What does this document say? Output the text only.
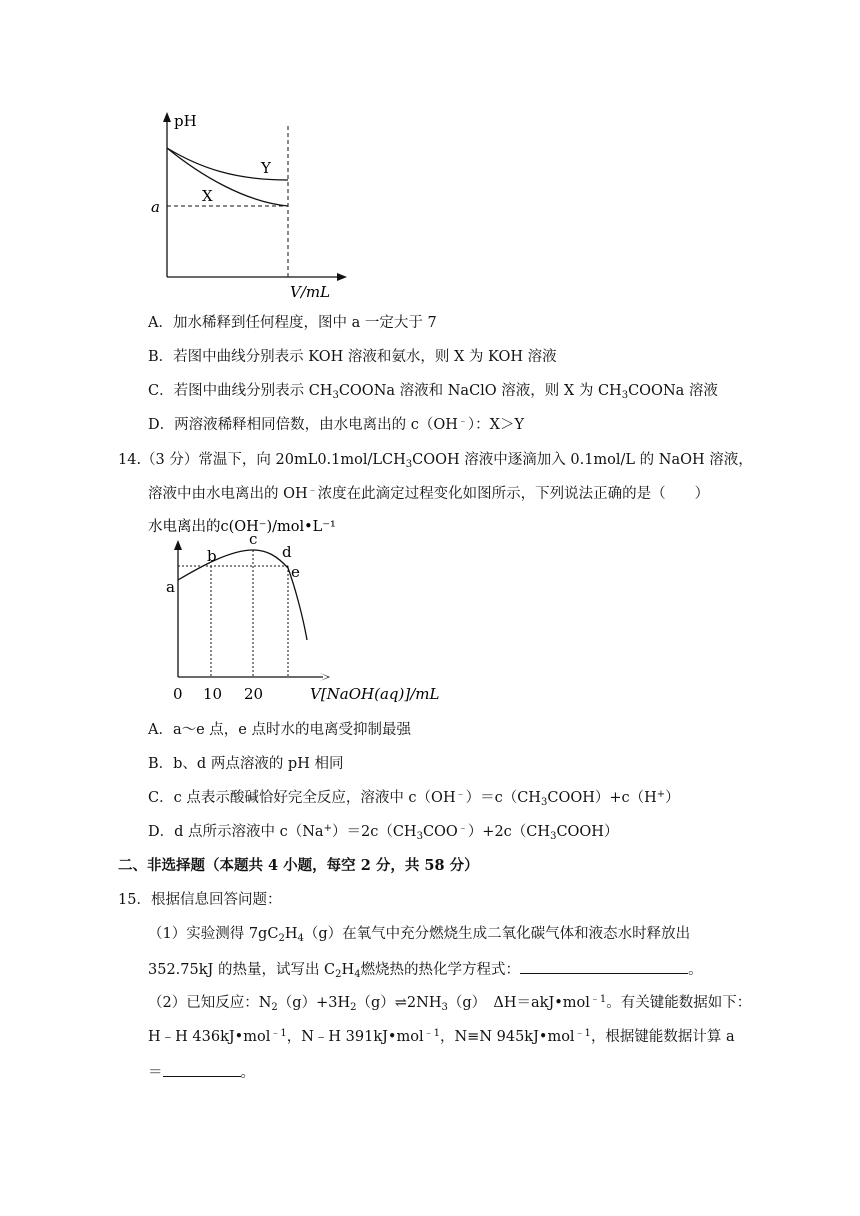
pH
Y
X
a
V/mL
A．加水稀释到任何程度，图中 a 一定大于 7
B．若图中曲线分别表示 KOH 溶液和氨水，则 X 为 KOH 溶液
C．若图中曲线分别表示 $CH_3COONa$ 溶液和 NaClO 溶液，则 X 为 $CH_3COONa$ 溶液
D．两溶液稀释相同倍数，由水电离出的 c（OH﹣）：X＞Y
14.（3 分）常温下，向 $20mL0.1mol/LCH_3COOH$ 溶液中逐滴加入 0.1mol/L 的 NaOH 溶液，
溶液中由水电离出的 OH﹣浓度在此滴定过程变化如图所示，下列说法正确的是（　　）
水电离出的c(OH⁻)/mol•L⁻¹
a
b
c
d
e
0 10 20	V[NaOH(aq)]/mL
A．a～e 点，e 点时水的电离受抑制最强
B．b、d 两点溶液的 pH 相同
C．c 点表示酸碱恰好完全反应，溶液中 $c(OH^﹣)=c(CH_3COOH)+c(H^+)$
D．d 点所示溶液中 $c(Na^+)=2c(CH_3COO^﹣)+2c(CH_3COOH)$
二、非选择题（本题共 4 小题，每空 2 分，共 58 分）
15．根据信息回答问题：
（1）实验测得 $7gC_2H_4(g)$在氧气中充分燃烧生成二氧化碳气体和液态水时释放出
352.75kJ 的热量，试写出 $C_2H_4$燃烧热的热化学方程式：	。
（2）已知反应：$N_2(g)+3H_2(g)\rightleftharpoons 2NH_3(g)$　ΔH＝akJ•mol$^{﹣1}$。有关键能数据如下：
H﹣H 436kJ•mol$^{﹣1}$，N﹣H 391kJ•mol$^{﹣1}$，N≡N 945kJ•mol$^{﹣1}$，根据键能数据计算 a
＝	。
